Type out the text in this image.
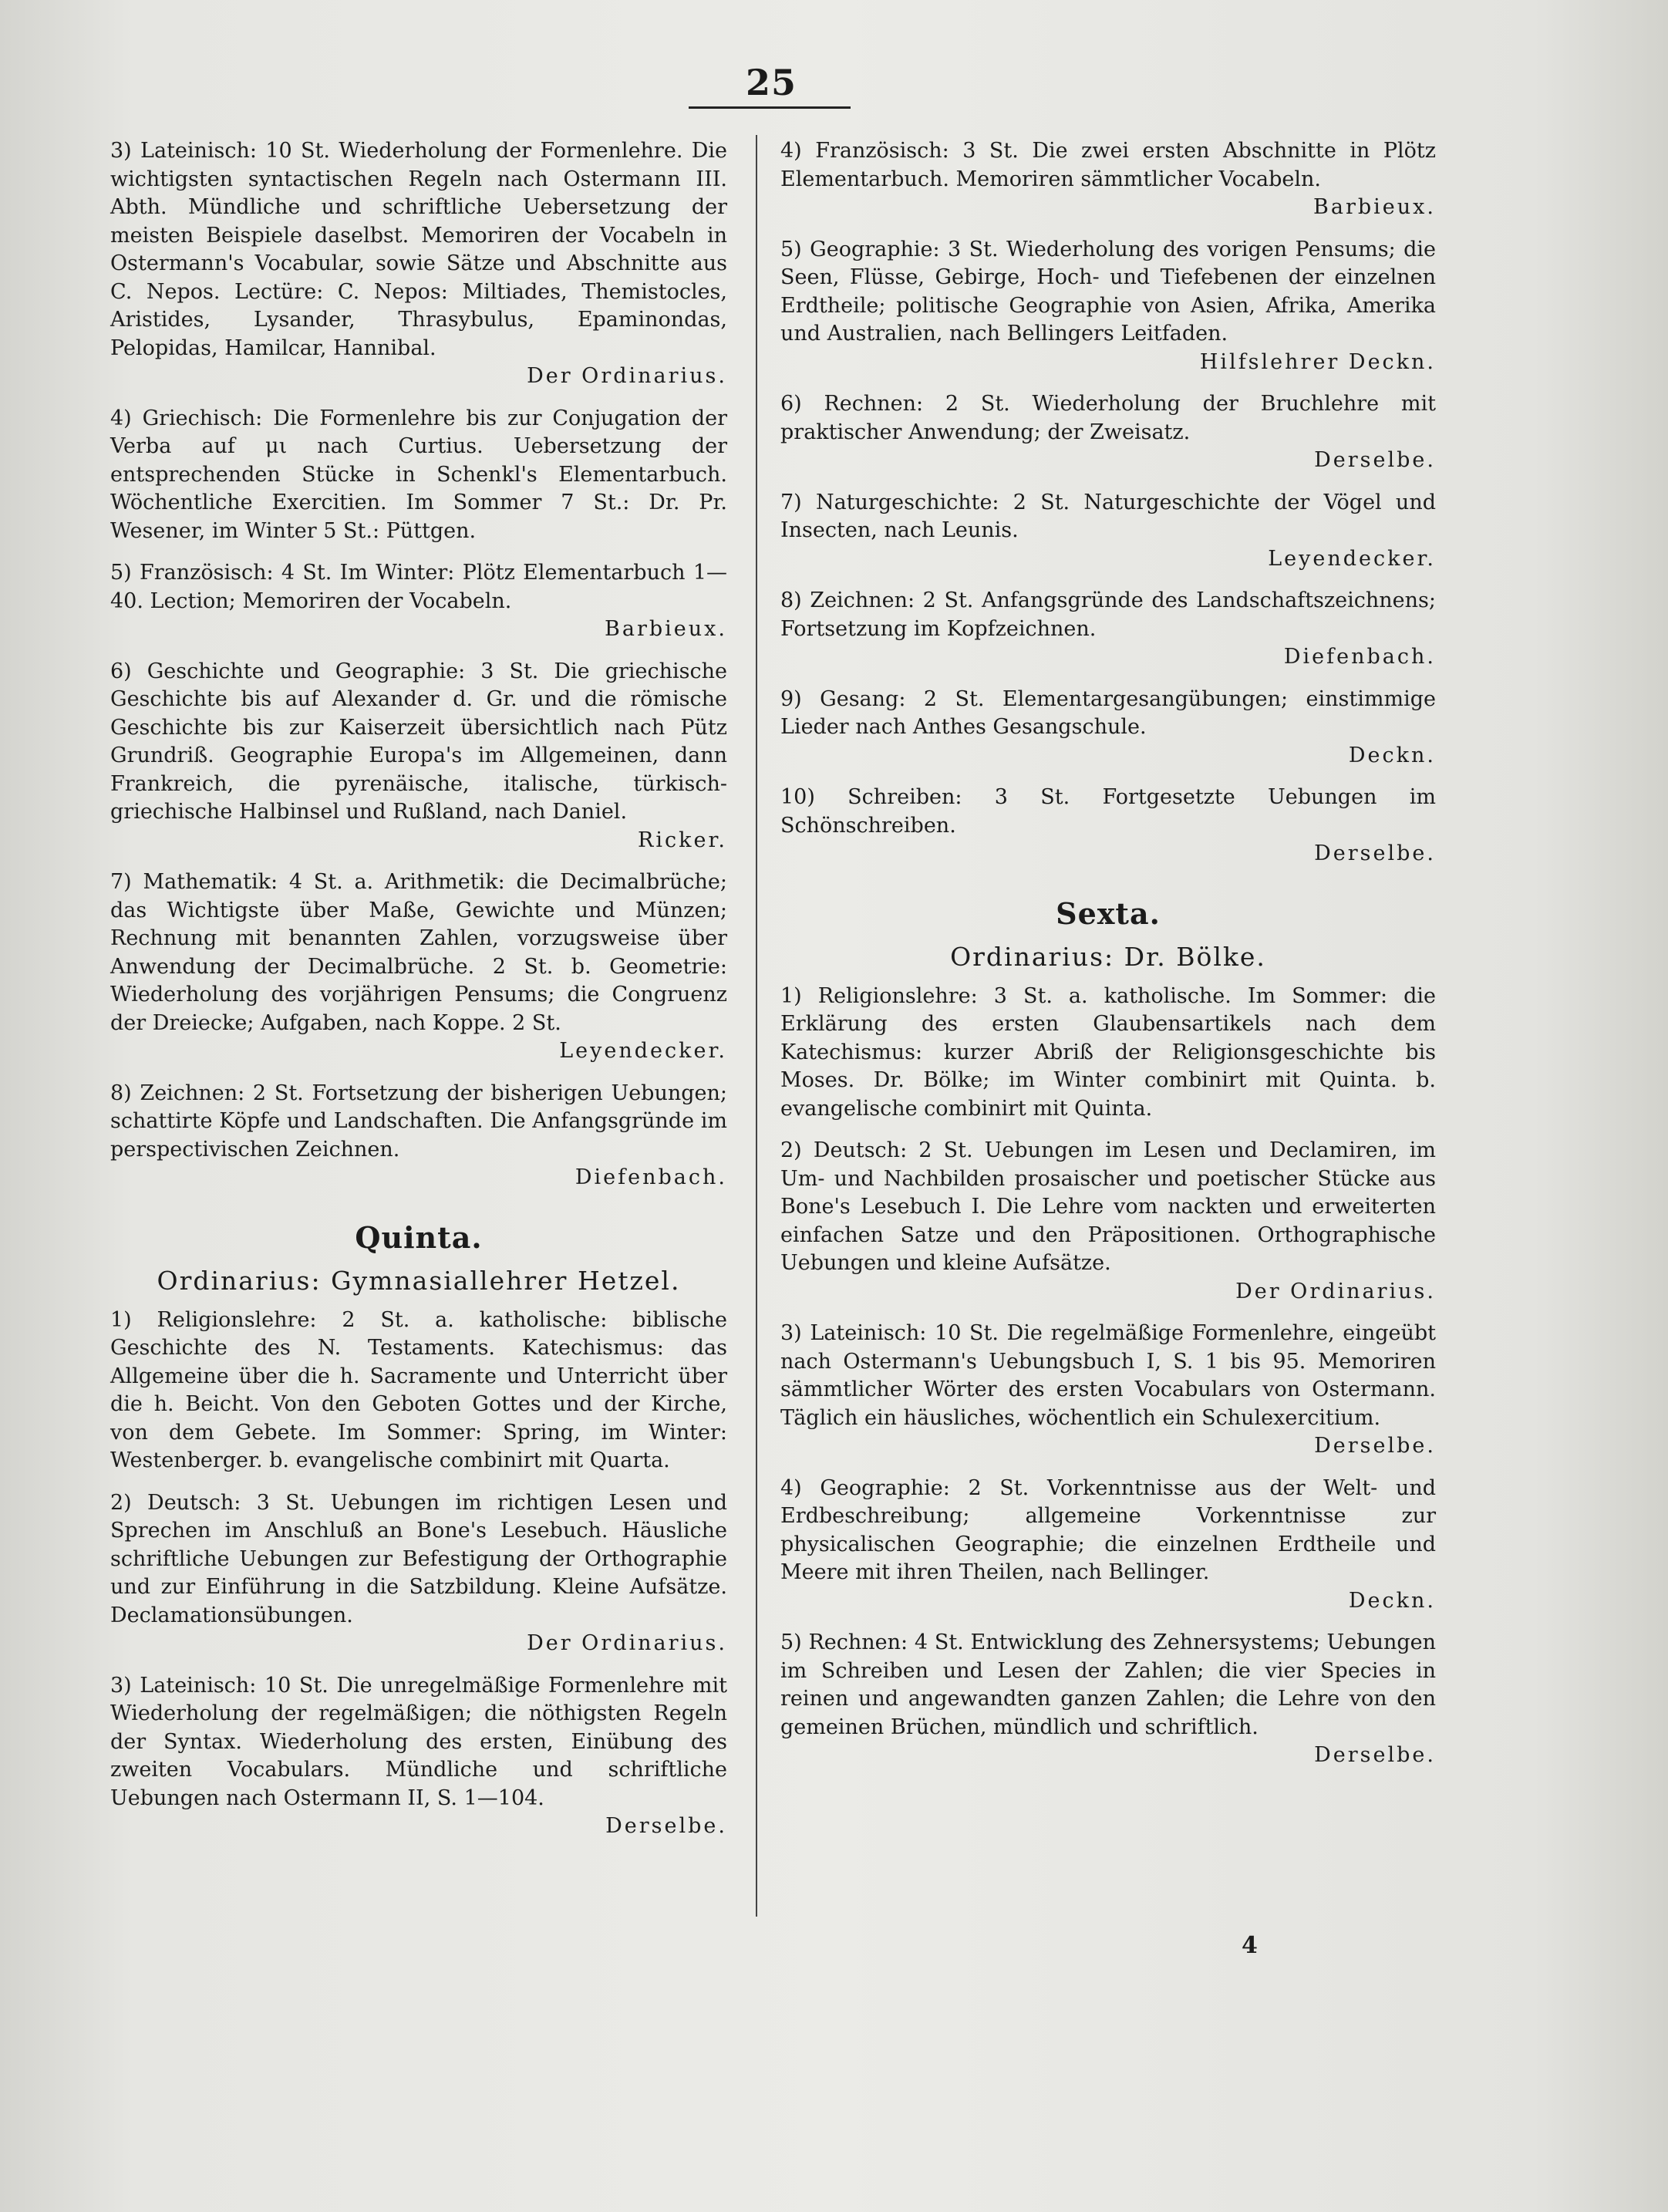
25
3) Lateinisch: 10 St. Wiederholung der Formenlehre. Die wichtigsten syntactischen Regeln nach Ostermann III. Abth. Mündliche und schriftliche Uebersetzung der meisten Beispiele daselbst. Memoriren der Vocabeln in Ostermann's Vocabular, sowie Sätze und Abschnitte aus C. Nepos. Lectüre: C. Nepos: Miltiades, Themistocles, Aristides, Lysander, Thrasybulus, Epaminondas, Pelopidas, Hamilcar, Hannibal.
Der Ordinarius.
4) Griechisch: Die Formenlehre bis zur Conjugation der Verba auf μι nach Curtius. Uebersetzung der entsprechenden Stücke in Schenkl's Elementarbuch. Wöchentliche Exercitien. Im Sommer 7 St.: Dr. Pr. Wesener, im Winter 5 St.: Püttgen.
5) Französisch: 4 St. Im Winter: Plötz Elementarbuch 1—40. Lection; Memoriren der Vocabeln.
Barbieux.
6) Geschichte und Geographie: 3 St. Die griechische Geschichte bis auf Alexander d. Gr. und die römische Geschichte bis zur Kaiserzeit übersichtlich nach Pütz Grundriß. Geographie Europa's im Allgemeinen, dann Frankreich, die pyrenäische, italische, türkisch-griechische Halbinsel und Rußland, nach Daniel.
Ricker.
7) Mathematik: 4 St. a. Arithmetik: die Decimalbrüche; das Wichtigste über Maße, Gewichte und Münzen; Rechnung mit benannten Zahlen, vorzugsweise über Anwendung der Decimalbrüche. 2 St. b. Geometrie: Wiederholung des vorjährigen Pensums; die Congruenz der Dreiecke; Aufgaben, nach Koppe. 2 St.
Leyendecker.
8) Zeichnen: 2 St. Fortsetzung der bisherigen Uebungen; schattirte Köpfe und Landschaften. Die Anfangsgründe im perspectivischen Zeichnen.
Diefenbach.
Quinta.
Ordinarius: Gymnasiallehrer Hetzel.
1) Religionslehre: 2 St. a. katholische: biblische Geschichte des N. Testaments. Katechismus: das Allgemeine über die h. Sacramente und Unterricht über die h. Beicht. Von den Geboten Gottes und der Kirche, von dem Gebete. Im Sommer: Spring, im Winter: Westenberger. b. evangelische combinirt mit Quarta.
2) Deutsch: 3 St. Uebungen im richtigen Lesen und Sprechen im Anschluß an Bone's Lesebuch. Häusliche schriftliche Uebungen zur Befestigung der Orthographie und zur Einführung in die Satzbildung. Kleine Aufsätze. Declamationsübungen.
Der Ordinarius.
3) Lateinisch: 10 St. Die unregelmäßige Formenlehre mit Wiederholung der regelmäßigen; die nöthigsten Regeln der Syntax. Wiederholung des ersten, Einübung des zweiten Vocabulars. Mündliche und schriftliche Uebungen nach Ostermann II, S. 1—104.
Derselbe.
4) Französisch: 3 St. Die zwei ersten Abschnitte in Plötz Elementarbuch. Memoriren sämmtlicher Vocabeln.
Barbieux.
5) Geographie: 3 St. Wiederholung des vorigen Pensums; die Seen, Flüsse, Gebirge, Hoch- und Tiefebenen der einzelnen Erdtheile; politische Geographie von Asien, Afrika, Amerika und Australien, nach Bellingers Leitfaden.
Hilfslehrer Deckn.
6) Rechnen: 2 St. Wiederholung der Bruchlehre mit praktischer Anwendung; der Zweisatz.
Derselbe.
7) Naturgeschichte: 2 St. Naturgeschichte der Vögel und Insecten, nach Leunis.
Leyendecker.
8) Zeichnen: 2 St. Anfangsgründe des Landschaftszeichnens; Fortsetzung im Kopfzeichnen.
Diefenbach.
9) Gesang: 2 St. Elementargesangübungen; einstimmige Lieder nach Anthes Gesangschule.
Deckn.
10) Schreiben: 3 St. Fortgesetzte Uebungen im Schönschreiben.
Derselbe.
Sexta.
Ordinarius: Dr. Bölke.
1) Religionslehre: 3 St. a. katholische. Im Sommer: die Erklärung des ersten Glaubensartikels nach dem Katechismus: kurzer Abriß der Religionsgeschichte bis Moses. Dr. Bölke; im Winter combinirt mit Quinta. b. evangelische combinirt mit Quinta.
2) Deutsch: 2 St. Uebungen im Lesen und Declamiren, im Um- und Nachbilden prosaischer und poetischer Stücke aus Bone's Lesebuch I. Die Lehre vom nackten und erweiterten einfachen Satze und den Präpositionen. Orthographische Uebungen und kleine Aufsätze.
Der Ordinarius.
3) Lateinisch: 10 St. Die regelmäßige Formenlehre, eingeübt nach Ostermann's Uebungsbuch I, S. 1 bis 95. Memoriren sämmtlicher Wörter des ersten Vocabulars von Ostermann. Täglich ein häusliches, wöchentlich ein Schulexercitium.
Derselbe.
4) Geographie: 2 St. Vorkenntnisse aus der Welt- und Erdbeschreibung; allgemeine Vorkenntnisse zur physicalischen Geographie; die einzelnen Erdtheile und Meere mit ihren Theilen, nach Bellinger.
Deckn.
5) Rechnen: 4 St. Entwicklung des Zehnersystems; Uebungen im Schreiben und Lesen der Zahlen; die vier Species in reinen und angewandten ganzen Zahlen; die Lehre von den gemeinen Brüchen, mündlich und schriftlich.
Derselbe.
4
